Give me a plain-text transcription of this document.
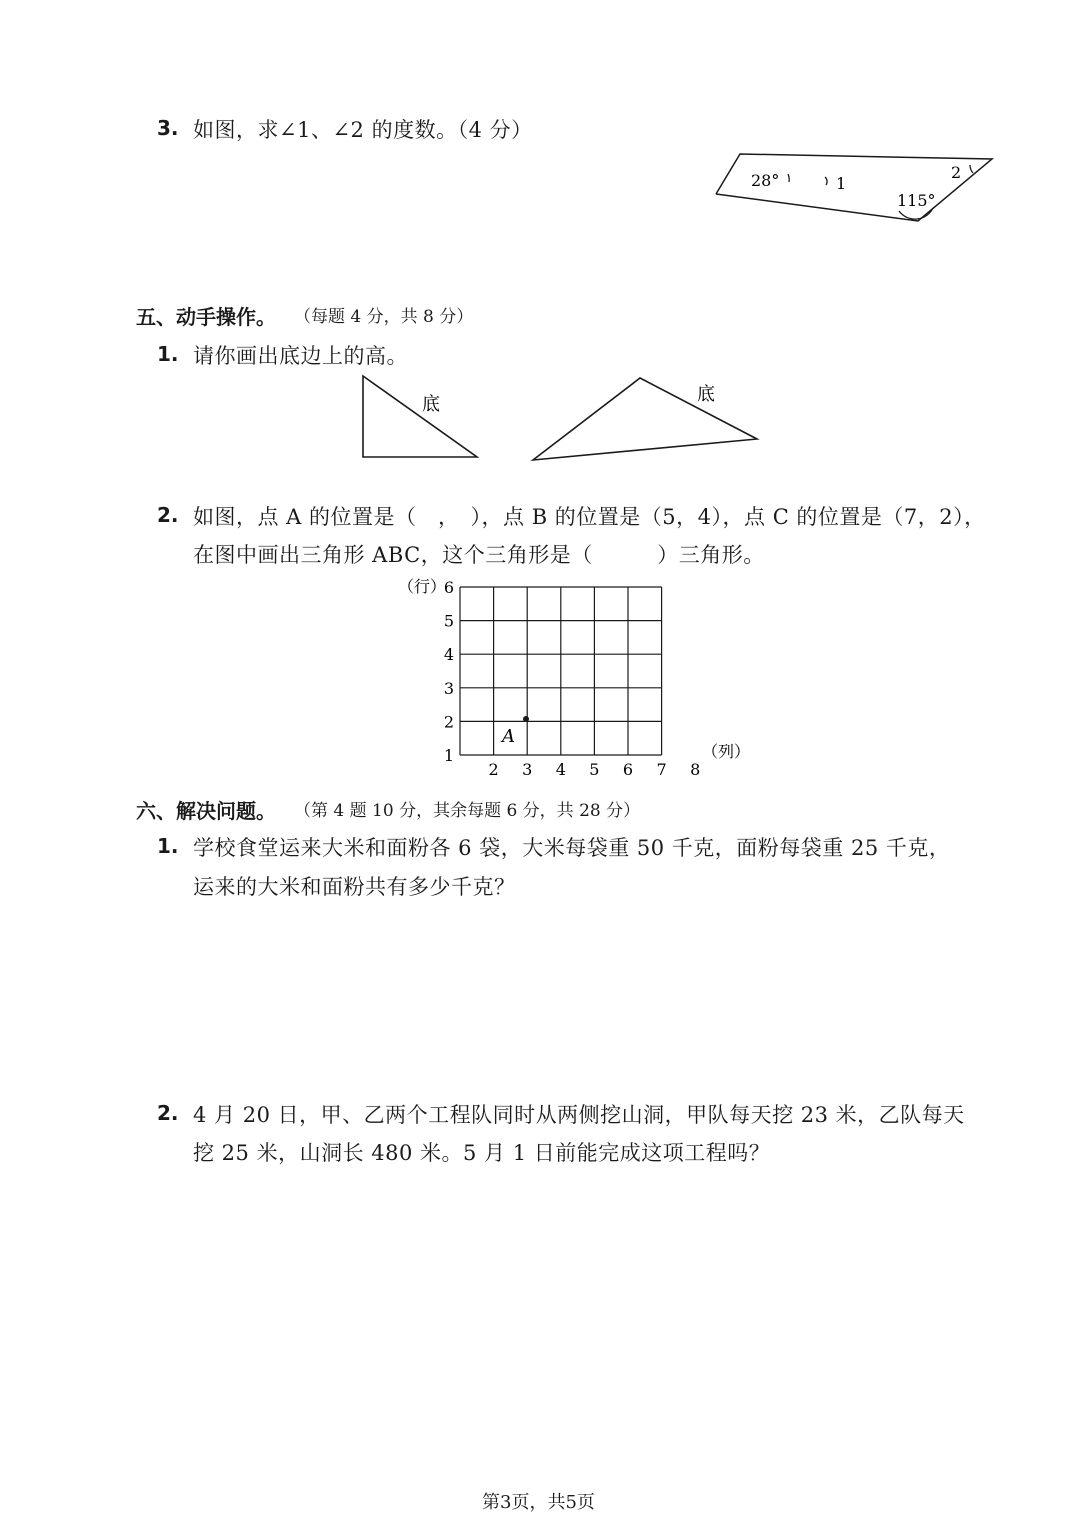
3. 如图，求∠1、∠2 的度数。（4 分）
28°	1
2
115°
五、动手操作。 （每题 4 分，共 8 分）
1. 请你画出底边上的高。
底	底
2. 如图，点 A 的位置是（　，　），点 B 的位置是（5，4），点 C 的位置是（7，2），
在图中画出三角形 ABC，这个三角形是（　　　）三角形。
（行）
（列）
6
5
4
3
2
1
2 3 4 5 6 7 8
A
六、解决问题。 （第 4 题 10 分，其余每题 6 分，共 28 分）
1. 学校食堂运来大米和面粉各 6 袋，大米每袋重 50 千克，面粉每袋重 25 千克，
运来的大米和面粉共有多少千克？
2. 4 月 20 日，甲、乙两个工程队同时从两侧挖山洞，甲队每天挖 23 米，乙队每天
挖 25 米，山洞长 480 米。5 月 1 日前能完成这项工程吗？
第3页，共5页
